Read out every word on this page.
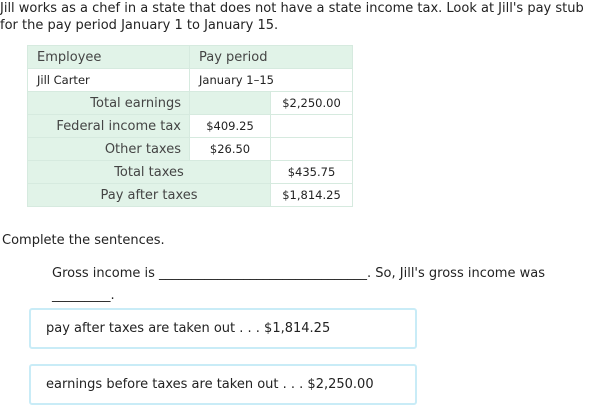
Jill works as a chef in a state that does not have a state income tax. Look at Jill's pay stub for the pay period January 1 to January 15.

Employee	Pay period	
Jill Carter	January 1–15	
Total earnings		$2,250.00
Federal income tax	$409.25	
Other taxes	$26.50	
Total taxes		$435.75
Pay after taxes		$1,814.25

Complete the sentences.

Gross income is ________________________________. So, Jill's gross income was
_________.

pay after taxes are taken out . . . $1,814.25
earnings before taxes are taken out . . . $2,250.00
